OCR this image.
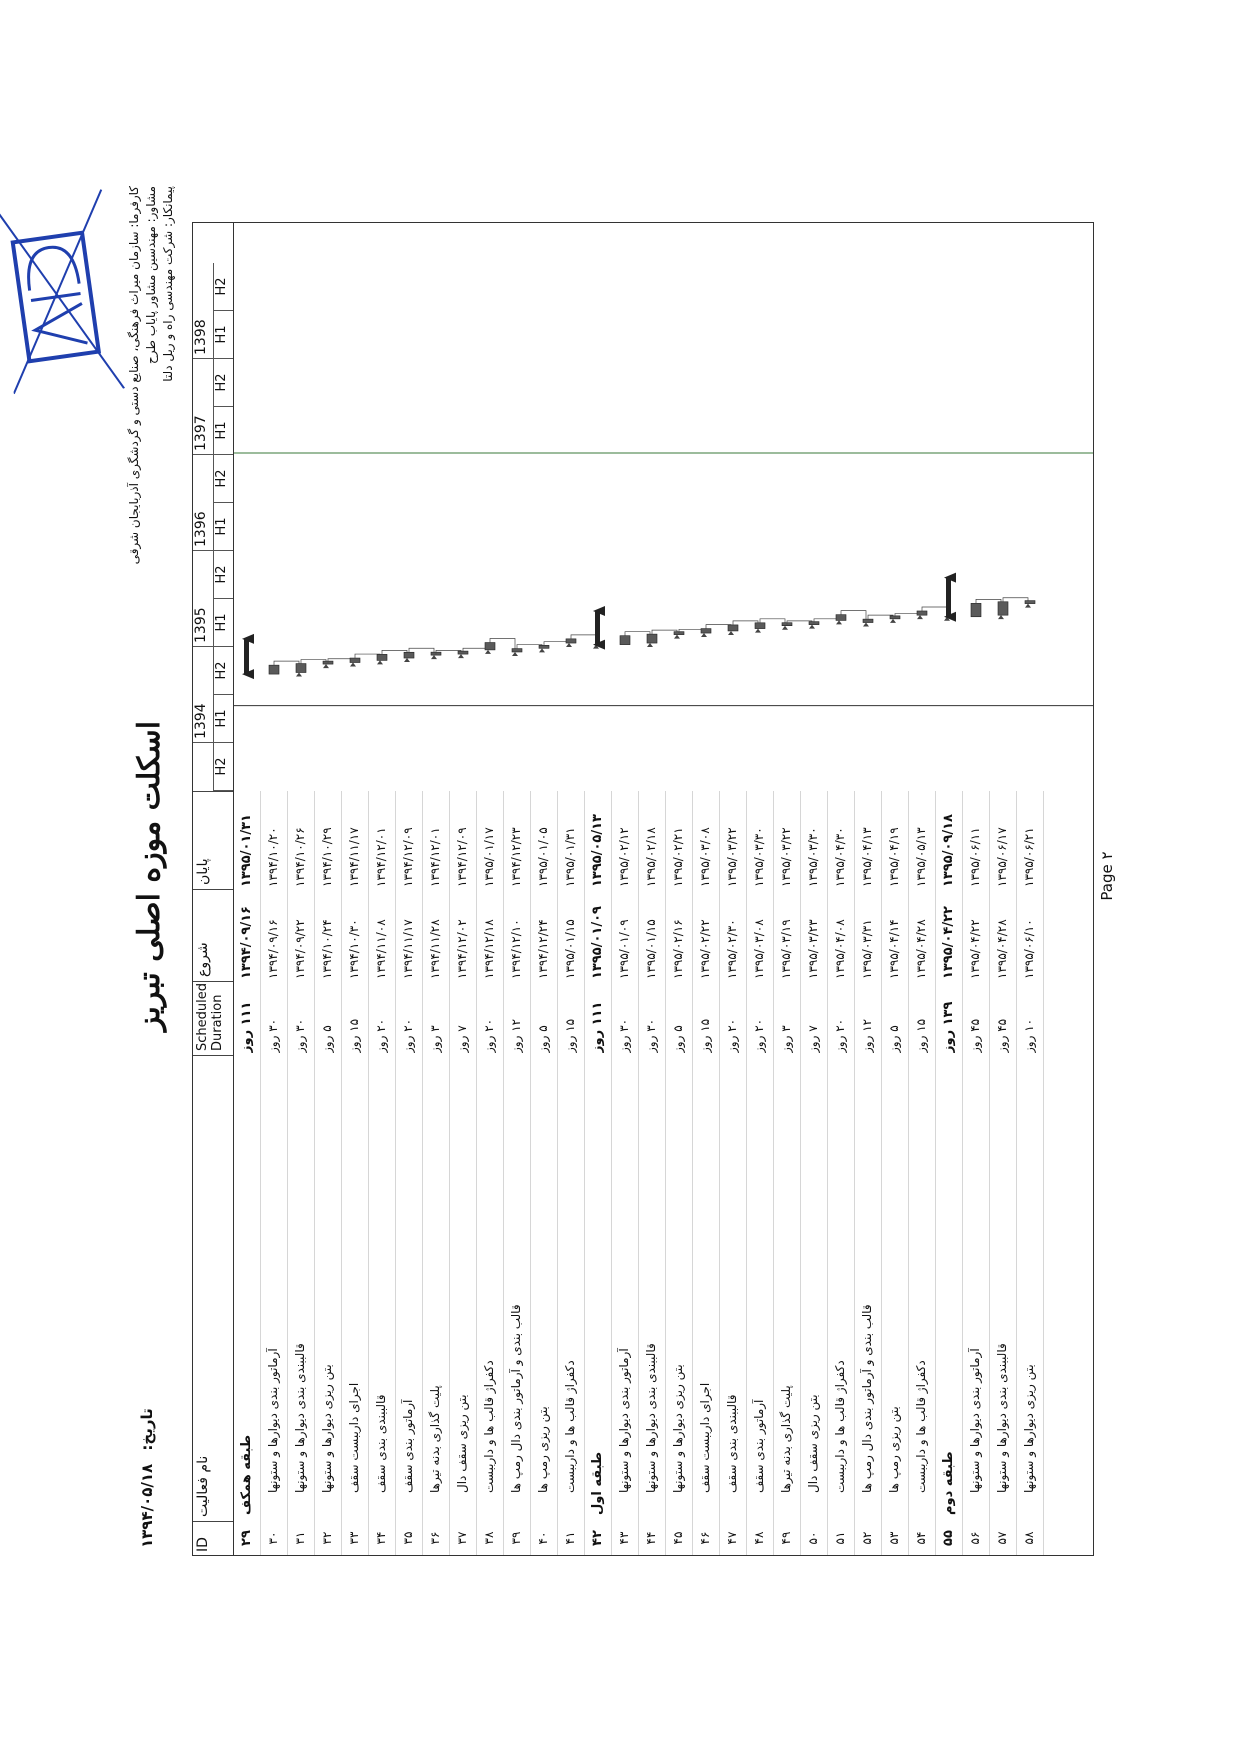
تاریخ: ۱۳۹۴/۰۵/۱۸
اسکلت موزه اصلی تبریز
کارفرما: سازمان میراث فرهنگی، صنایع دستی و گردشگری آذربایجان شرقی مشاور: مهندسین مشاور پایاب طرح پیمانکار: شرکت مهندسی راه و ریل دلتا
ID
نام فعالیت
Scheduled Duration
شروع
پایان
H2
1394 H1
H2
1395 H1
H2
1396 H1
H2
1397 H1
H2
1398 H1
H2
۲۹
طبقه همکف
۱۱۱ روز
۱۳۹۴/۰۹/۱۶
۱۳۹۵/۰۱/۳۱
۳۰
آرماتور بندی دیوارها و ستونها
۳۰ روز
۱۳۹۴/۰۹/۱۶
۱۳۹۴/۱۰/۲۰
۳۱
قالببندی بندی دیوارها و ستونها
۳۰ روز
۱۳۹۴/۰۹/۲۲
۱۳۹۴/۱۰/۲۶
۳۲
بتن ریزی دیوارها و ستونها
۵ روز
۱۳۹۴/۱۰/۲۴
۱۳۹۴/۱۰/۲۹
۳۳
اجرای دارببست سقف
۱۵ روز
۱۳۹۴/۱۰/۳۰
۱۳۹۴/۱۱/۱۷
۳۴
قالببندی بندی سقف
۲۰ روز
۱۳۹۴/۱۱/۰۸
۱۳۹۴/۱۲/۰۱
۳۵
آرماتور بندی سقف
۲۰ روز
۱۳۹۴/۱۱/۱۷
۱۳۹۴/۱۲/۰۹
۳۶
پلیت گذاری بدنه تیرها
۳ روز
۱۳۹۴/۱۱/۲۸
۱۳۹۴/۱۲/۰۱
۳۷
بتن ریزی سقف دال
۷ روز
۱۳۹۴/۱۲/۰۲
۱۳۹۴/۱۲/۰۹
۳۸
دکفراژ قالب ها و دارببست
۲۰ روز
۱۳۹۴/۱۲/۱۸
۱۳۹۵/۰۱/۱۷
۳۹
قالب بندی و آرماتور بندی دال رمپ ها
۱۲ روز
۱۳۹۴/۱۲/۱۰
۱۳۹۴/۱۲/۲۳
۴۰
بتن ریزی رمپ ها
۵ روز
۱۳۹۴/۱۲/۲۴
۱۳۹۵/۰۱/۰۵
۴۱
دکفراژ قالب ها و دارببست
۱۵ روز
۱۳۹۵/۰۱/۱۵
۱۳۹۵/۰۱/۳۱
۴۲
طبقه اول
۱۱۱ روز
۱۳۹۵/۰۱/۰۹
۱۳۹۵/۰۵/۱۳
۴۳
آرماتور بندی دیوارها و ستونها
۳۰ روز
۱۳۹۵/۰۱/۰۹
۱۳۹۵/۰۲/۱۲
۴۴
قالببندی بندی دیوارها و ستونها
۳۰ روز
۱۳۹۵/۰۱/۱۵
۱۳۹۵/۰۲/۱۸
۴۵
بتن ریزی دیوارها و ستونها
۵ روز
۱۳۹۵/۰۲/۱۶
۱۳۹۵/۰۲/۲۱
۴۶
اجرای دارببست سقف
۱۵ روز
۱۳۹۵/۰۲/۲۲
۱۳۹۵/۰۳/۰۸
۴۷
قالببندی بندی سقف
۲۰ روز
۱۳۹۵/۰۲/۳۰
۱۳۹۵/۰۳/۲۲
۴۸
آرماتور بندی سقف
۲۰ روز
۱۳۹۵/۰۳/۰۸
۱۳۹۵/۰۳/۳۰
۴۹
پلیت گذاری بدنه تیرها
۳ روز
۱۳۹۵/۰۳/۱۹
۱۳۹۵/۰۳/۲۲
۵۰
بتن ریزی سقف دال
۷ روز
۱۳۹۵/۰۳/۲۳
۱۳۹۵/۰۳/۳۰
۵۱
دکفراژ قالب ها و دارببست
۲۰ روز
۱۳۹۵/۰۴/۰۸
۱۳۹۵/۰۴/۳۰
۵۲
قالب بندی و آرماتور بندی دال رمپ ها
۱۲ روز
۱۳۹۵/۰۳/۳۱
۱۳۹۵/۰۴/۱۳
۵۳
بتن ریزی رمپ ها
۵ روز
۱۳۹۵/۰۴/۱۴
۱۳۹۵/۰۴/۱۹
۵۴
دکفراژ قالب ها و دارببست
۱۵ روز
۱۳۹۵/۰۴/۲۸
۱۳۹۵/۰۵/۱۳
۵۵
طبقه دوم
۱۳۹ روز
۱۳۹۵/۰۴/۲۲
۱۳۹۵/۰۹/۱۸
۵۶
آرماتور بندی دیوارها و ستونها
۴۵ روز
۱۳۹۵/۰۴/۲۲
۱۳۹۵/۰۶/۱۱
۵۷
قالببندی بندی دیوارها و ستونها
۴۵ روز
۱۳۹۵/۰۴/۲۸
۱۳۹۵/۰۶/۱۷
۵۸
بتن ریزی دیوارها و ستونها
۱۰ روز
۱۳۹۵/۰۶/۱۰
۱۳۹۵/۰۶/۲۱	Page ۲
